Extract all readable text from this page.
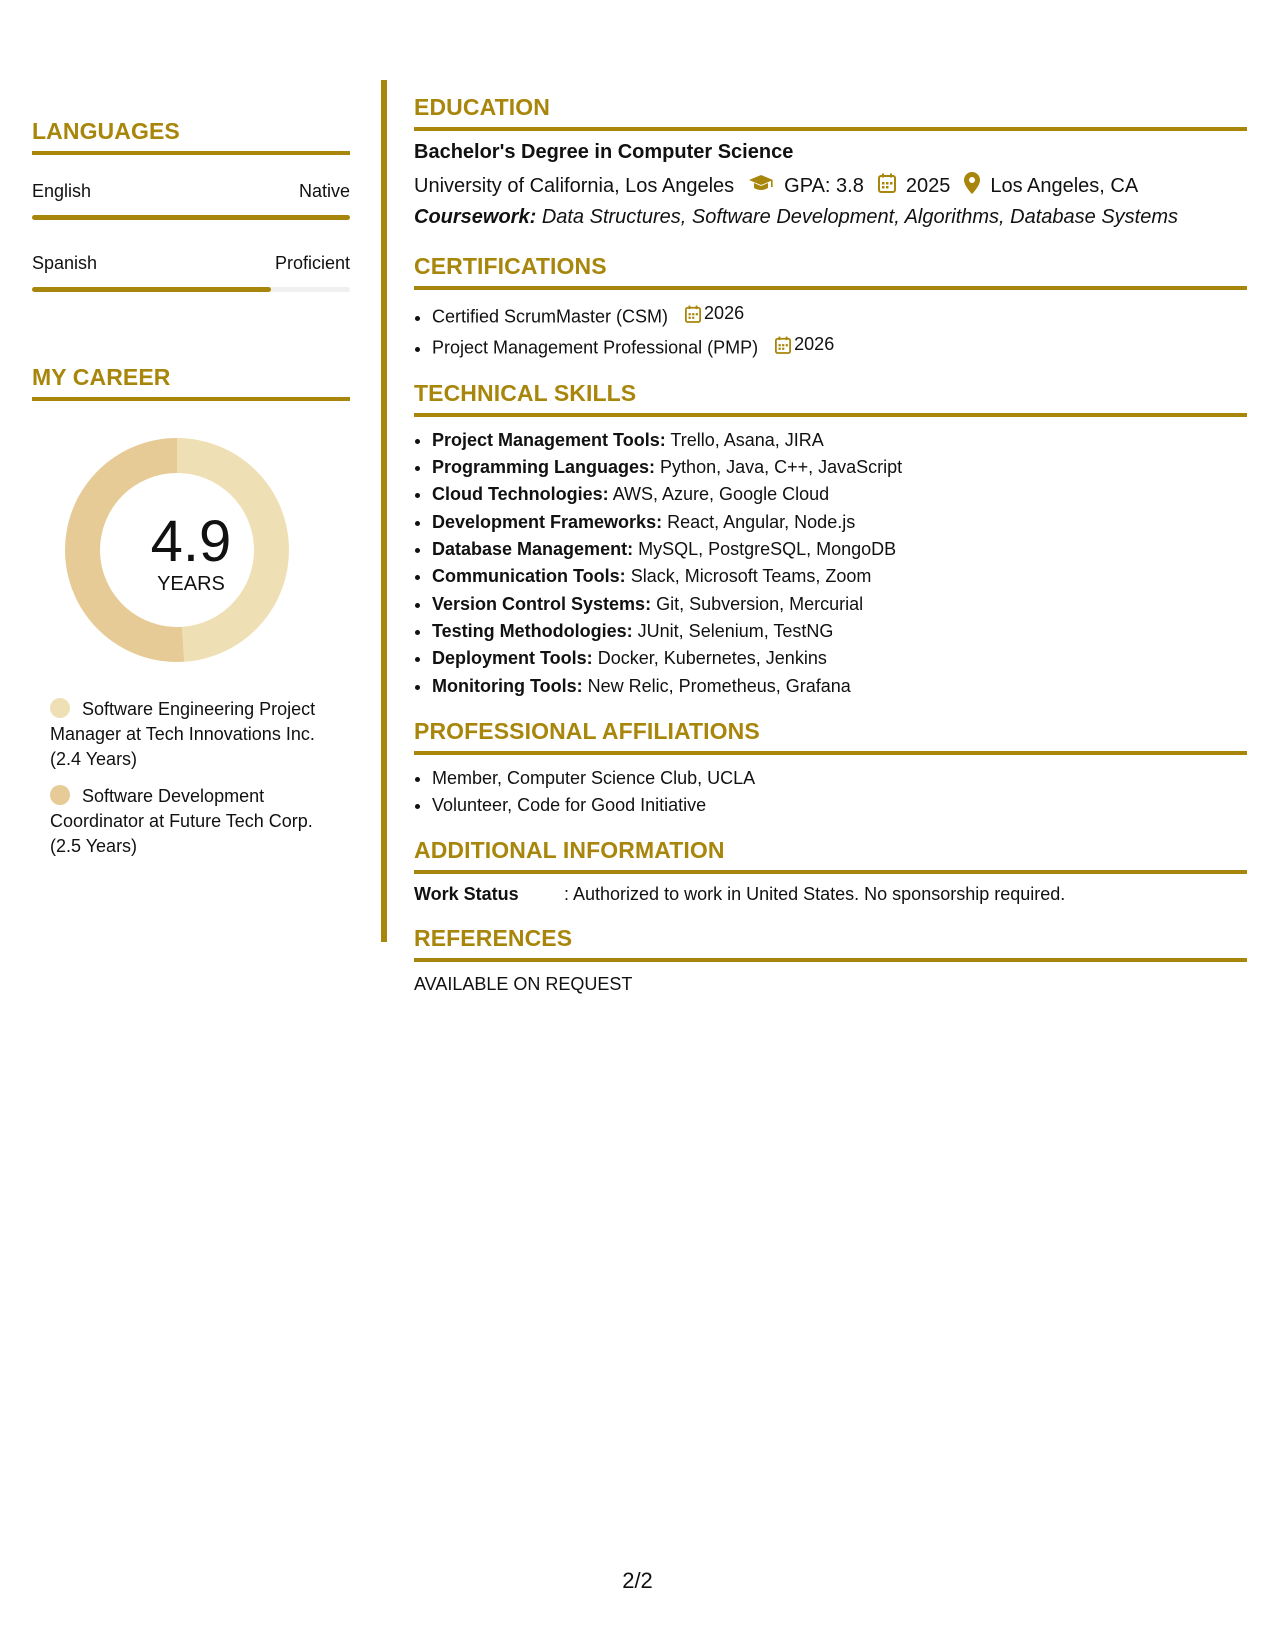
LANGUAGES
English	Native
Spanish	Proficient
MY CAREER
4.9
YEARS
Software Engineering Project Manager at Tech Innovations Inc. (2.4 Years)
Software Development Coordinator at Future Tech Corp. (2.5 Years)
EDUCATION
Bachelor's Degree in Computer Science
University of California, Los Angeles	GPA: 3.8 2025 Los Angeles, CA
Coursework: Data Structures, Software Development, Algorithms, Database Systems
CERTIFICATIONS
• Certified ScrumMaster (CSM) 2026
• Project Management Professional (PMP) 2026
TECHNICAL SKILLS
• Project Management Tools: Trello, Asana, JIRA
• Programming Languages: Python, Java, C++, JavaScript
• Cloud Technologies: AWS, Azure, Google Cloud
• Development Frameworks: React, Angular, Node.js
• Database Management: MySQL, PostgreSQL, MongoDB
• Communication Tools: Slack, Microsoft Teams, Zoom
• Version Control Systems: Git, Subversion, Mercurial
• Testing Methodologies: JUnit, Selenium, TestNG
• Deployment Tools: Docker, Kubernetes, Jenkins
• Monitoring Tools: New Relic, Prometheus, Grafana
PROFESSIONAL AFFILIATIONS
• Member, Computer Science Club, UCLA
• Volunteer, Code for Good Initiative
ADDITIONAL INFORMATION
Work Status	: Authorized to work in United States. No sponsorship required.
REFERENCES
AVAILABLE ON REQUEST
2/2
